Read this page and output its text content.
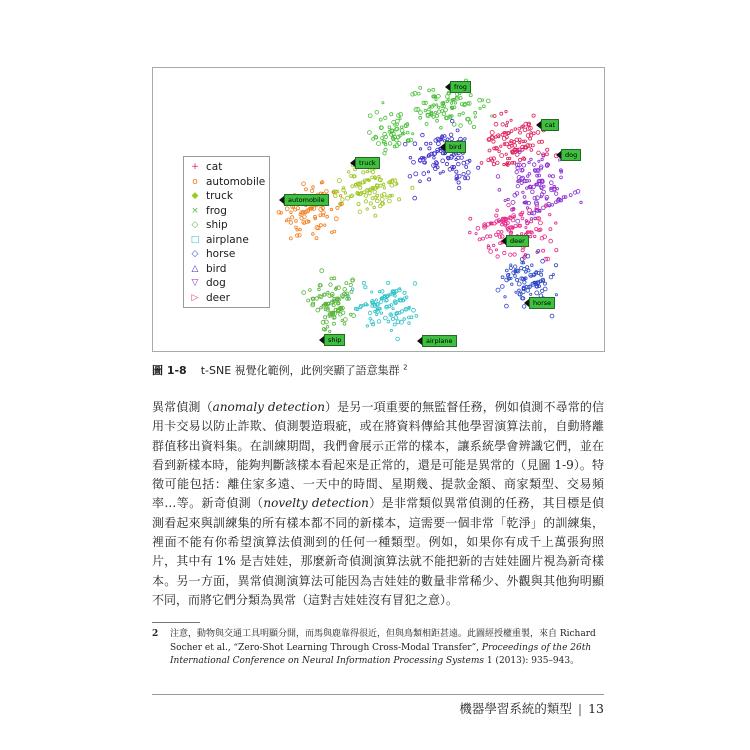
+ cat
o automobile
◆ truck
× frog
◇ ship
□ airplane
◇ horse
△ bird
▽ dog
▷ deer
frog
cat
bird
dog
truck
automobile
deer
horse
ship	airplane
圖 1-8 t-SNE 視覺化範例，此例突顯了語意集群 $^2$

異常偵測（anomaly detection）是另一項重要的無監督任務，例如偵測不尋常的信用卡交易以防止詐欺、偵測製造瑕疵，或在將資料傳給其他學習演算法前，自動將離群值移出資料集。在訓練期間，我們會展示正常的樣本，讓系統學會辨識它們，並在看到新樣本時，能夠判斷該樣本看起來是正常的，還是可能是異常的（見圖 1-9）。特徵可能包括：離住家多遠、一天中的時間、星期幾、提款金額、商家類型、交易頻率…等。新奇偵測（novelty detection）是非常類似異常偵測的任務，其目標是偵測看起來與訓練集的所有樣本都不同的新樣本，這需要一個非常「乾淨」的訓練集，裡面不能有你希望演算法偵測到的任何一種類型。例如，如果你有成千上萬張狗照片，其中有 1% 是吉娃娃，那麼新奇偵測演算法就不能把新的吉娃娃圖片視為新奇樣本。另一方面，異常偵測演算法可能因為吉娃娃的數量非常稀少、外觀與其他狗明顯不同，而將它們分類為異常（這對吉娃娃沒有冒犯之意）。

2 注意，動物與交通工具明顯分開，而馬與鹿靠得很近，但與鳥類相距甚遠。此圖經授權重製，來自 Richard Socher et al., “Zero-Shot Learning Through Cross-Modal Transfer”, Proceedings of the 26th International Conference on Neural Information Processing Systems 1 (2013): 935–943。
機器學習系統的類型 | 13
